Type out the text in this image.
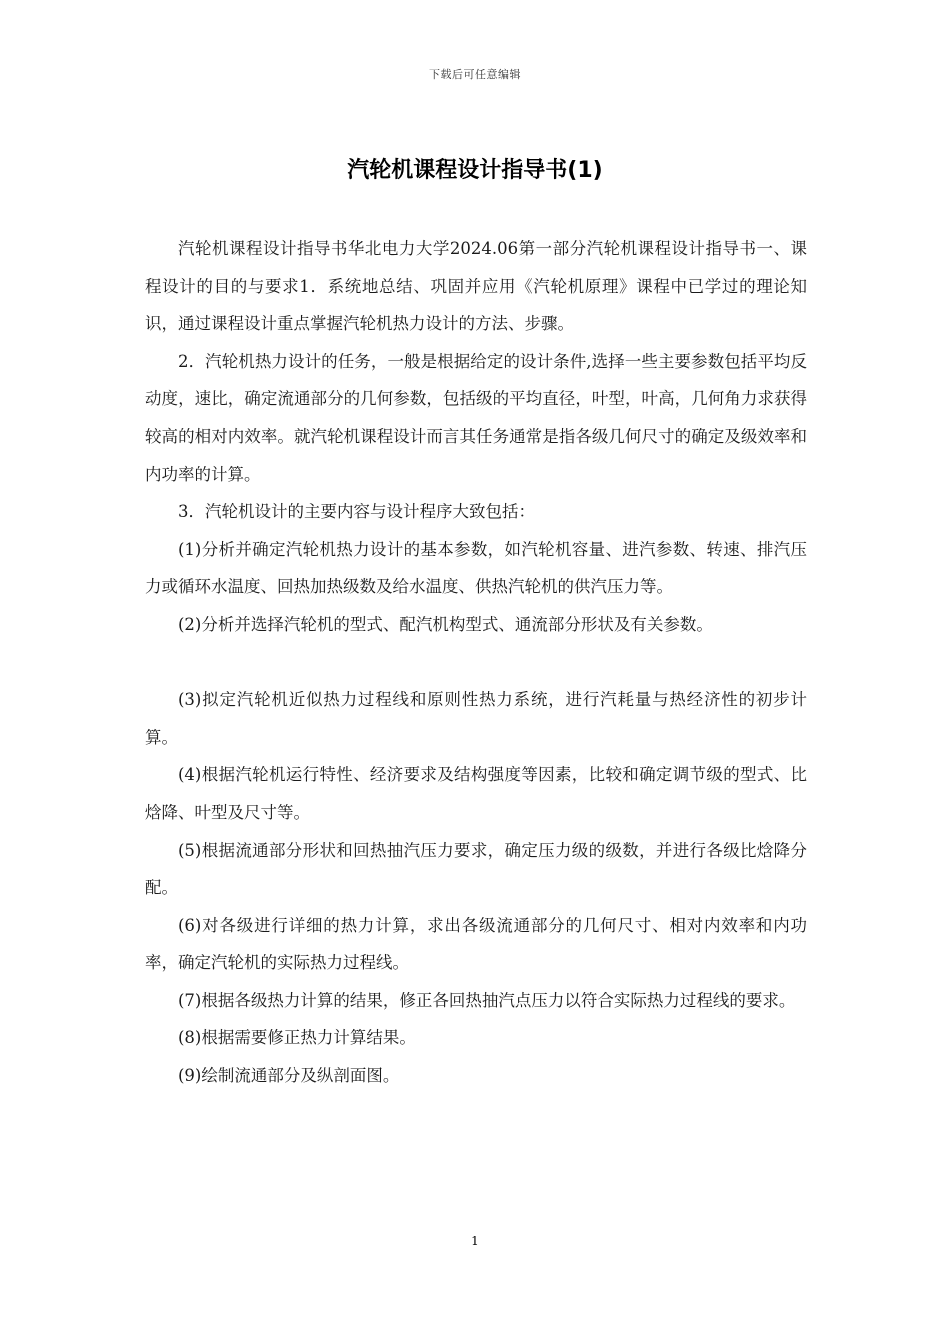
下载后可任意编辑
汽轮机课程设计指导书(1)

汽轮机课程设计指导书华北电力大学2024.06第一部分汽轮机课程设计指导书一、课程设计的目的与要求1．系统地总结、巩固并应用《汽轮机原理》课程中已学过的理论知识，通过课程设计重点掌握汽轮机热力设计的方法、步骤。

2．汽轮机热力设计的任务，一般是根据给定的设计条件,选择一些主要参数包括平均反动度，速比，确定流通部分的几何参数，包括级的平均直径，叶型，叶高，几何角力求获得较高的相对内效率。就汽轮机课程设计而言其任务通常是指各级几何尺寸的确定及级效率和内功率的计算。

3．汽轮机设计的主要内容与设计程序大致包括：

(1)分析并确定汽轮机热力设计的基本参数，如汽轮机容量、进汽参数、转速、排汽压力或循环水温度、回热加热级数及给水温度、供热汽轮机的供汽压力等。

(2)分析并选择汽轮机的型式、配汽机构型式、通流部分形状及有关参数。

(3)拟定汽轮机近似热力过程线和原则性热力系统，进行汽耗量与热经济性的初步计算。

(4)根据汽轮机运行特性、经济要求及结构强度等因素，比较和确定调节级的型式、比焓降、叶型及尺寸等。

(5)根据流通部分形状和回热抽汽压力要求，确定压力级的级数，并进行各级比焓降分配。

(6)对各级进行详细的热力计算，求出各级流通部分的几何尺寸、相对内效率和内功率，确定汽轮机的实际热力过程线。

(7)根据各级热力计算的结果，修正各回热抽汽点压力以符合实际热力过程线的要求。

(8)根据需要修正热力计算结果。

(9)绘制流通部分及纵剖面图。

1
